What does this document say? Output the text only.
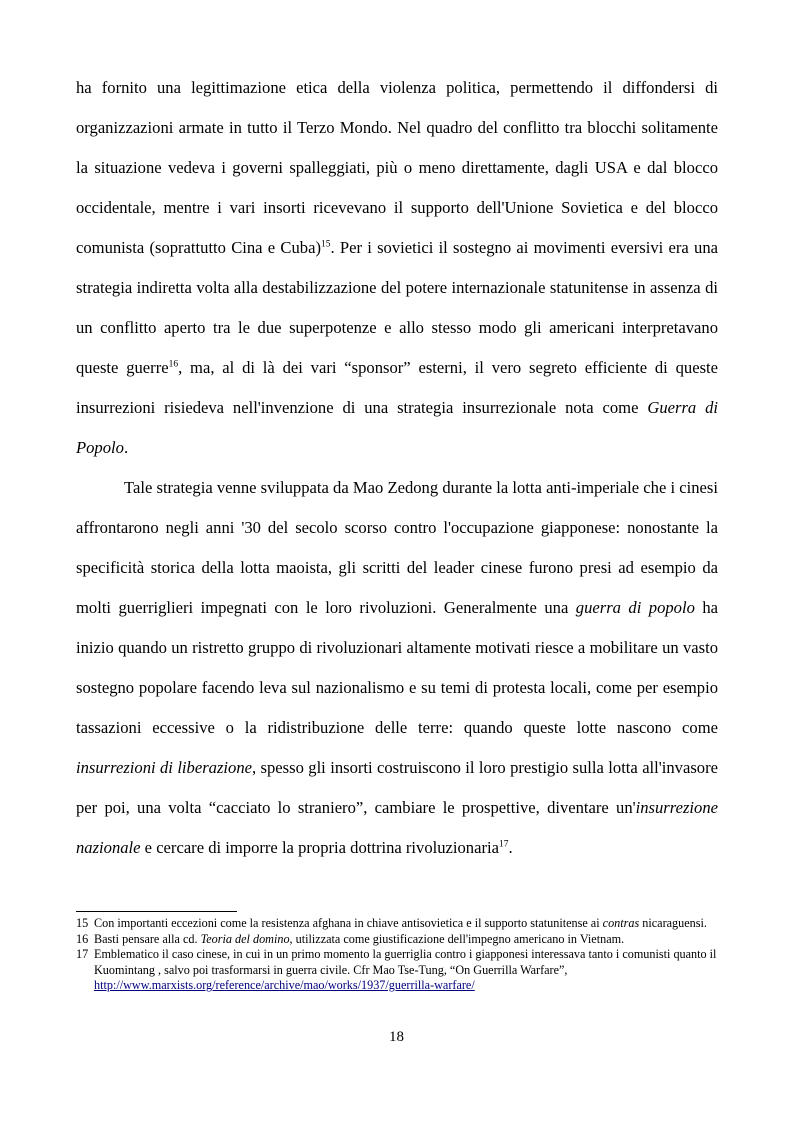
ha fornito una legittimazione etica della violenza politica, permettendo il diffondersi di organizzazioni armate in tutto il Terzo Mondo. Nel quadro del conflitto tra blocchi solitamente la situazione vedeva i governi spalleggiati, più o meno direttamente, dagli USA e dal blocco occidentale, mentre i vari insorti ricevevano il supporto dell'Unione Sovietica e del blocco comunista (soprattutto Cina e Cuba)$^{15}$. Per i sovietici il sostegno ai movimenti eversivi era una strategia indiretta volta alla destabilizzazione del potere internazionale statunitense in assenza di un conflitto aperto tra le due superpotenze e allo stesso modo gli americani interpretavano queste guerre$^{16}$, ma, al di là dei vari “sponsor” esterni, il vero segreto efficiente di queste insurrezioni risiedeva nell'invenzione di una strategia insurrezionale nota come Guerra di Popolo.

Tale strategia venne sviluppata da Mao Zedong durante la lotta anti-imperiale che i cinesi affrontarono negli anni '30 del secolo scorso contro l'occupazione giapponese: nonostante la specificità storica della lotta maoista, gli scritti del leader cinese furono presi ad esempio da molti guerriglieri impegnati con le loro rivoluzioni. Generalmente una guerra di popolo ha inizio quando un ristretto gruppo di rivoluzionari altamente motivati riesce a mobilitare un vasto sostegno popolare facendo leva sul nazionalismo e su temi di protesta locali, come per esempio tassazioni eccessive o la ridistribuzione delle terre: quando queste lotte nascono come insurrezioni di liberazione, spesso gli insorti costruiscono il loro prestigio sulla lotta all'invasore per poi, una volta “cacciato lo straniero”, cambiare le prospettive, diventare un'insurrezione nazionale e cercare di imporre la propria dottrina rivoluzionaria$^{17}$.

15 Con importanti eccezioni come la resistenza afghana in chiave antisovietica e il supporto statunitense ai contras nicaraguensi.

16 Basti pensare alla cd. Teoria del domino, utilizzata come giustificazione dell'impegno americano in Vietnam.

17 Emblematico il caso cinese, in cui in un primo momento la guerriglia contro i giapponesi interessava tanto i comunisti quanto il Kuomintang , salvo poi trasformarsi in guerra civile. Cfr Mao Tse-Tung, “On Guerrilla Warfare”, http://www.marxists.org/reference/archive/mao/works/1937/guerrilla-warfare/

18
